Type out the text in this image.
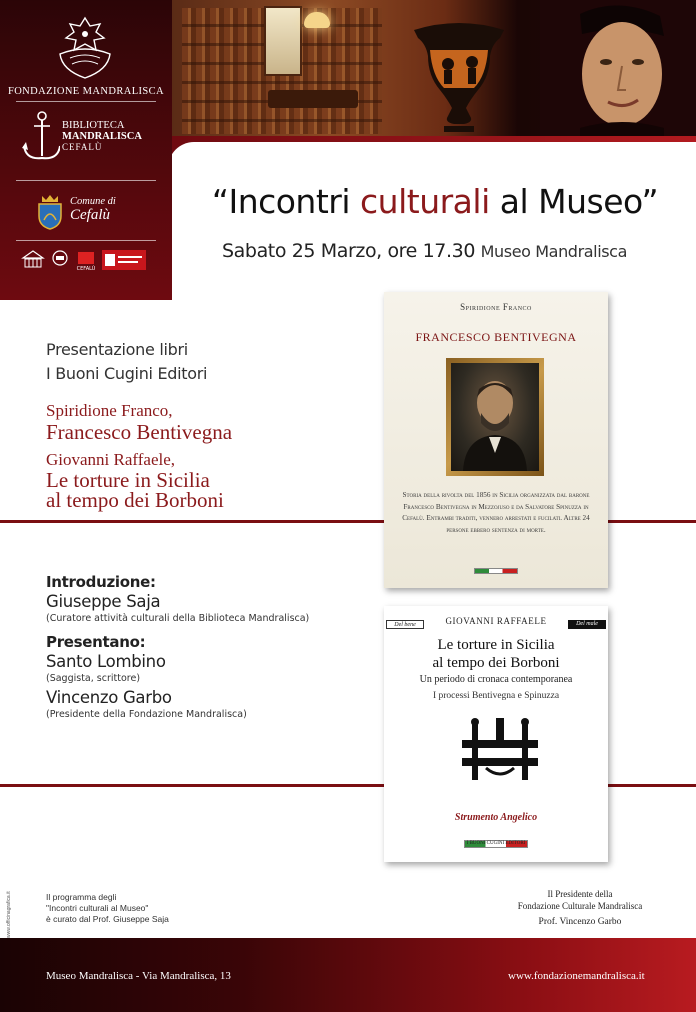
FONDAZIONE MANDRALISCA
BIBLIOTECA
MANDRALISCA
CEFALÙ
Comune di
Cefalù
CEFALÙ
“Incontri culturali al Museo”
Sabato 25 Marzo, ore 17.30 Museo Mandralisca
Presentazione libri
I Buoni Cugini Editori
Spiridione Franco,
Francesco Bentivegna
Giovanni Raffaele,
Le torture in Sicilia
al tempo dei Borboni
Introduzione:
Giuseppe Saja
(Curatore attività culturali della Biblioteca Mandralisca)
Presentano:
Santo Lombino
(Saggista, scrittore)
Vincenzo Garbo
(Presidente della Fondazione Mandralisca)
Spiridione Franco
FRANCESCO BENTIVEGNA
Storia della rivolta del 1856 in Sicilia organizzata dal barone Francesco Bentivegna in Mezzojuso e da Salvatore Spinuzza in Cefalù. Entrambi traditi, vennero arrestati e fucilati. Altre 24 persone ebbero sentenza di morte.
Del bene	Del male
GIOVANNI RAFFAELE
Le torture in Sicilia
al tempo dei Borboni
Un periodo di cronaca contemporanea
I processi Bentivegna e Spinuzza
Strumento Angelico
I BUONI CUGINI EDITORI
www.officinagrafica.it	Il programma degli
"Incontri culturali al Museo"
è curato dal Prof. Giuseppe Saja
Il Presidente della
Fondazione Culturale Mandralisca
Prof. Vincenzo Garbo
Museo Mandralisca - Via Mandralisca, 13	www.fondazionemandralisca.it
